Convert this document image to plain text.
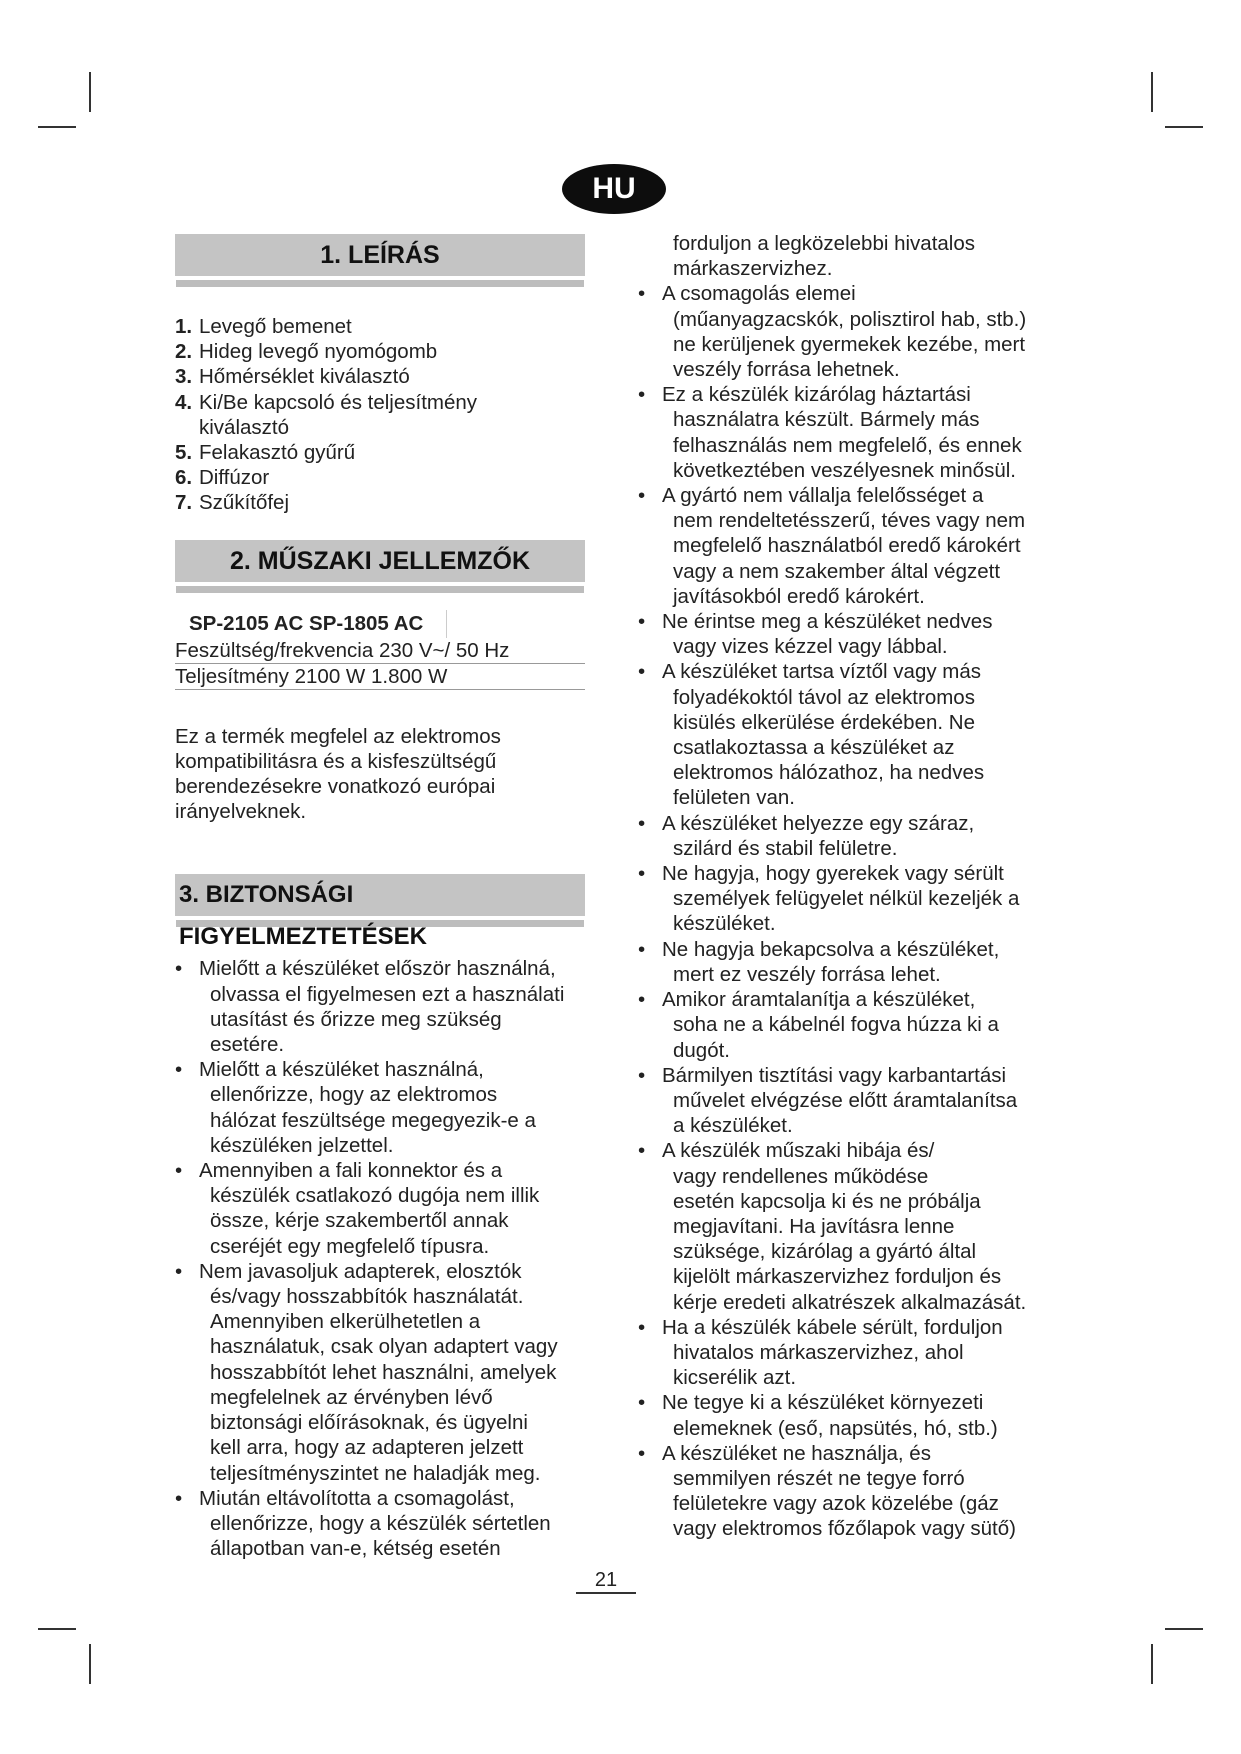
HU
1. LEÍRÁS
1. Levegő bemenet
2. Hideg levegő nyomógomb
3. Hőmérséklet kiválasztó
4. Ki/Be kapcsoló és teljesítmény
kiválasztó
5. Felakasztó gyűrű
6. Diffúzor
7. Szűkítőfej
2. MŰSZAKI JELLEMZŐK
SP-2105 AC SP-1805 AC
Feszültség/frekvencia 230 V~/ 50 Hz
Teljesítmény 2100 W 1.800 W
Ez a termék megfelel az elektromos
kompatibilitásra és a kisfeszültségű
berendezésekre vonatkozó európai
irányelveknek.
3. BIZTONSÁGI FIGYELMEZTETÉSEK
• Mielőtt a készüléket először használná,
olvassa el figyelmesen ezt a használati
utasítást és őrizze meg szükség
esetére.
• Mielőtt a készüléket használná,
ellenőrizze, hogy az elektromos
hálózat feszültsége megegyezik-e a
készüléken jelzettel.
• Amennyiben a fali konnektor és a
készülék csatlakozó dugója nem illik
össze, kérje szakembertől annak
cseréjét egy megfelelő típusra.
• Nem javasoljuk adapterek, elosztók
és/vagy hosszabbítók használatát.
Amennyiben elkerülhetetlen a
használatuk, csak olyan adaptert vagy
hosszabbítót lehet használni, amelyek
megfelelnek az érvényben lévő
biztonsági előírásoknak, és ügyelni
kell arra, hogy az adapteren jelzett
teljesítményszintet ne haladják meg.
• Miután eltávolította a csomagolást,
ellenőrizze, hogy a készülék sértetlen
állapotban van-e, kétség esetén
forduljon a legközelebbi hivatalos
márkaszervizhez.
• A csomagolás elemei
(műanyagzacskók, polisztirol hab, stb.)
ne kerüljenek gyermekek kezébe, mert
veszély forrása lehetnek.
• Ez a készülék kizárólag háztartási
használatra készült. Bármely más
felhasználás nem megfelelő, és ennek
következtében veszélyesnek minősül.
• A gyártó nem vállalja felelősséget a
nem rendeltetésszerű, téves vagy nem
megfelelő használatból eredő károkért
vagy a nem szakember által végzett
javításokból eredő károkért.
• Ne érintse meg a készüléket nedves
vagy vizes kézzel vagy lábbal.
• A készüléket tartsa víztől vagy más
folyadékoktól távol az elektromos
kisülés elkerülése érdekében. Ne
csatlakoztassa a készüléket az
elektromos hálózathoz, ha nedves
felületen van.
• A készüléket helyezze egy száraz,
szilárd és stabil felületre.
• Ne hagyja, hogy gyerekek vagy sérült
személyek felügyelet nélkül kezeljék a
készüléket.
• Ne hagyja bekapcsolva a készüléket,
mert ez veszély forrása lehet.
• Amikor áramtalanítja a készüléket,
soha ne a kábelnél fogva húzza ki a
dugót.
• Bármilyen tisztítási vagy karbantartási
művelet elvégzése előtt áramtalanítsa
a készüléket.
• A készülék műszaki hibája és/
vagy rendellenes működése
esetén kapcsolja ki és ne próbálja
megjavítani. Ha javításra lenne
szüksége, kizárólag a gyártó által
kijelölt márkaszervizhez forduljon és
kérje eredeti alkatrészek alkalmazását.
• Ha a készülék kábele sérült, forduljon
hivatalos márkaszervizhez, ahol
kicserélik azt.
• Ne tegye ki a készüléket környezeti
elemeknek (eső, napsütés, hó, stb.)
• A készüléket ne használja, és
semmilyen részét ne tegye forró
felületekre vagy azok közelébe (gáz
vagy elektromos főzőlapok vagy sütő)
21
